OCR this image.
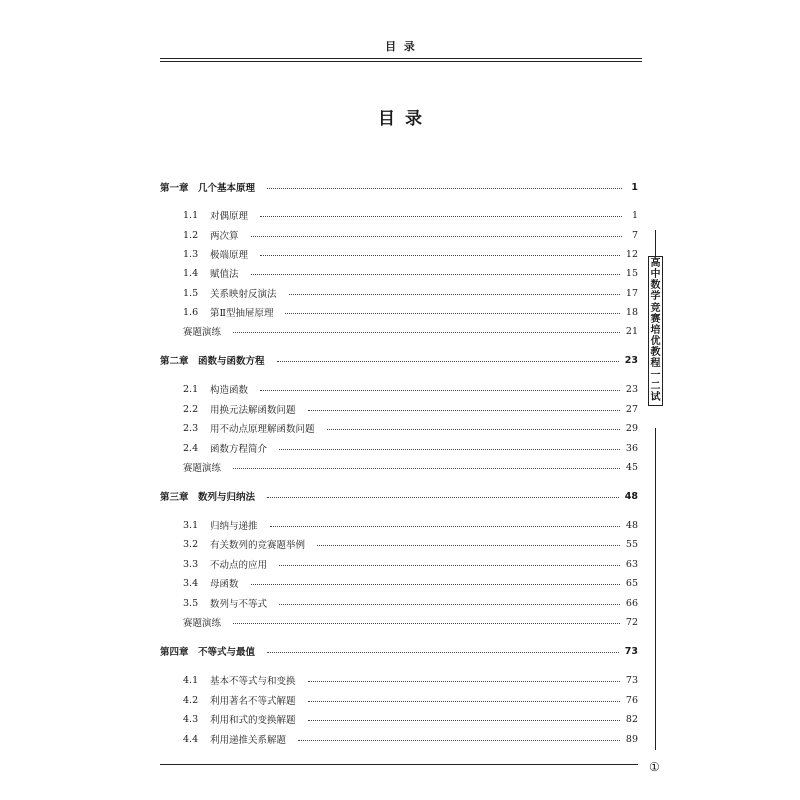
目 录
目 录
第一章　几个基本原理	1
1.1	对偶原理	1
1.2	两次算	7
1.3	极端原理	12
1.4	赋值法	15
1.5	关系映射反演法	17
1.6	第Ⅱ型抽屉原理	18
赛题演练	21
第二章　函数与函数方程	23
2.1	构造函数	23
2.2	用换元法解函数问题	27
2.3	用不动点原理解函数问题	29
2.4	函数方程简介	36
赛题演练	45
第三章　数列与归纳法	48
3.1	归纳与递推	48
3.2	有关数列的竞赛题举例	55
3.3	不动点的应用	63
3.4	母函数	65
3.5	数列与不等式	66
赛题演练	72
第四章　不等式与最值	73
4.1	基本不等式与和变换	73
4.2	利用著名不等式解题	76
4.3	利用和式的变换解题	82
4.4	利用递推关系解题	89
高
中
数
学
竞
赛
培
优
教
程
一
二
试
①
